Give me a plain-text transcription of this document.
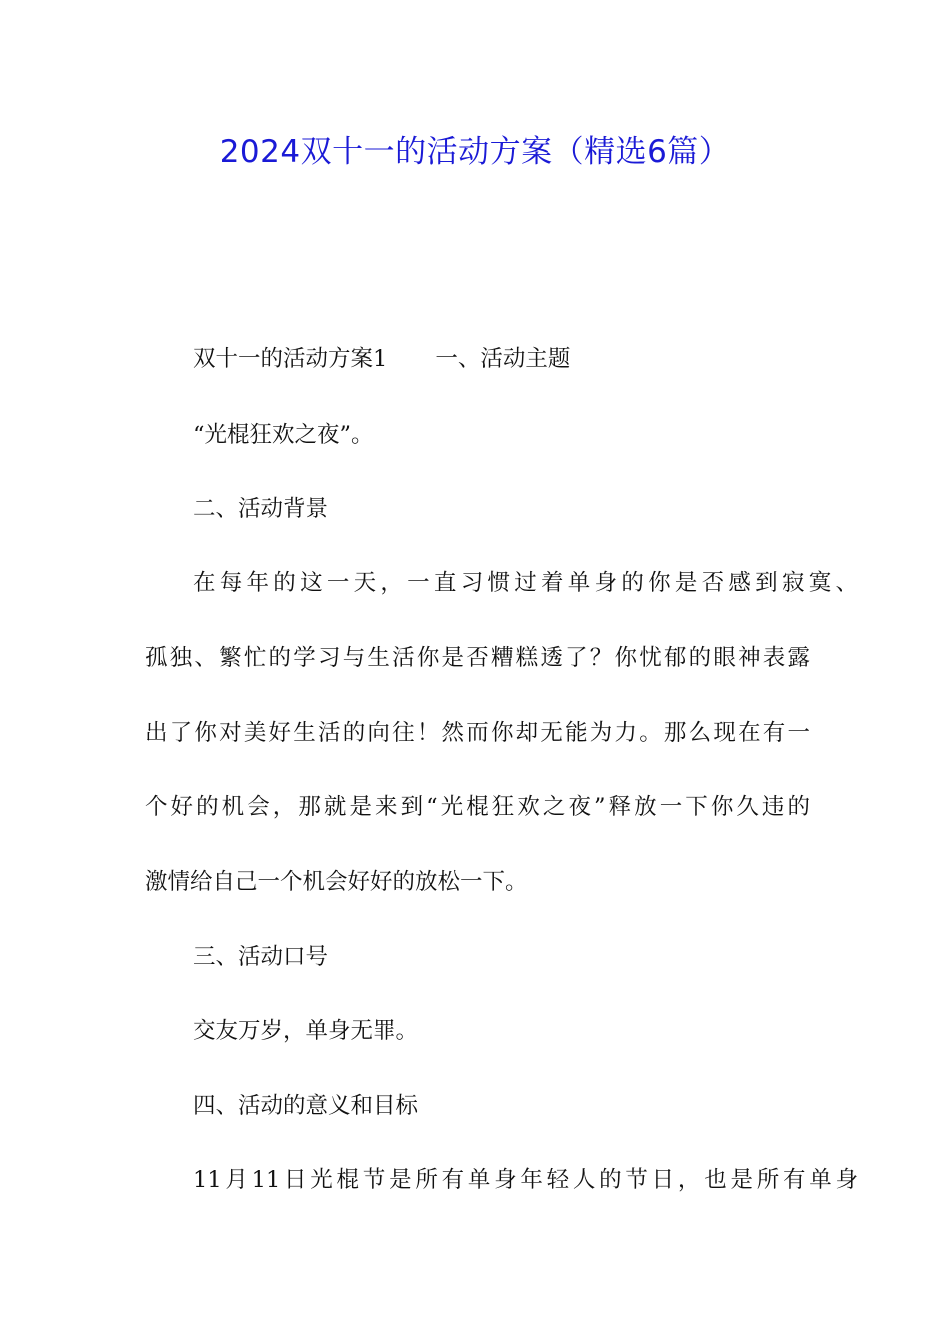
2024双十一的活动方案（精选6篇）
双十一的活动方案1 一、活动主题
“光棍狂欢之夜”。
二、活动背景
在每年的这一天，一直习惯过着单身的你是否感到寂寞、
孤独、繁忙的学习与生活你是否糟糕透了？你忧郁的眼神表露
出了你对美好生活的向往！然而你却无能为力。那么现在有一
个好的机会，那就是来到“光棍狂欢之夜”释放一下你久违的
激情给自己一个机会好好的放松一下。
三、活动口号
交友万岁，单身无罪。
四、活动的意义和目标
11月11日光棍节是所有单身年轻人的节日，也是所有单身
